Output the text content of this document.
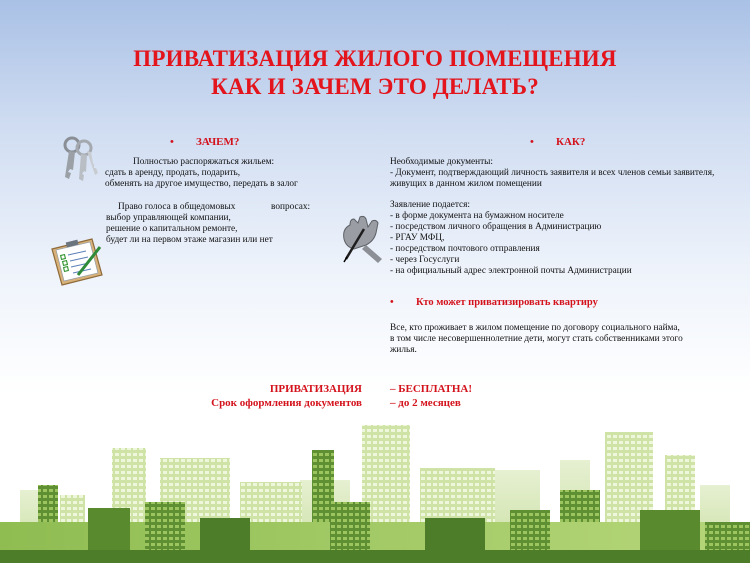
ПРИВАТИЗАЦИЯ ЖИЛОГО ПОМЕЩЕНИЯ
КАК И ЗАЧЕМ ЭТО ДЕЛАТЬ?
• ЗАЧЕМ?
Полностью распоряжаться жильем:
сдать в аренду, продать, подарить,
обменять на другое имущество, передать в залог
Право голоса в общедомовых	вопросах:
выбор управляющей компании,
решение о капитальном ремонте,
будет ли на первом этаже магазин или нет
• КАК?
Необходимые документы:
- Документ, подтверждающий личность заявителя и всех членов семьи заявителя,
живущих в данном жилом помещении
Заявление подается:
- в форме документа на бумажном носителе
- посредством личного обращения в Администрацию
- РГАУ МФЦ,
- посредством почтового отправления
- через Госуслуги
- на официальный адрес электронной почты Администрации
• Кто может приватизировать квартиру
Все, кто проживает в жилом помещение по договору социального найма,
в том числе несовершеннолетние дети, могут стать собственниками этого
жилья.
ПРИВАТИЗАЦИЯ
Срок оформления документов
– БЕСПЛАТНА!
– до 2 месяцев
